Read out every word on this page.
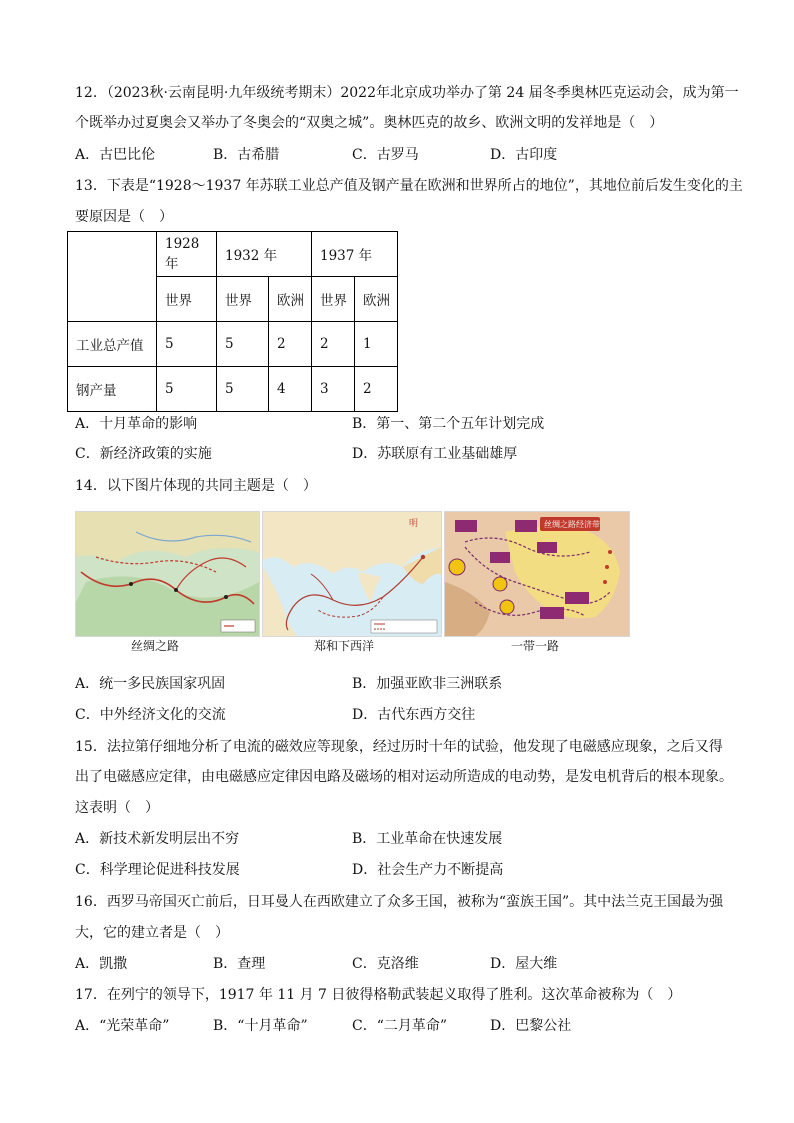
12．（2023秋·云南昆明·九年级统考期末）2022年北京成功举办了第 24 届冬季奥林匹克运动会，成为第一
个既举办过夏奥会又举办了冬奥会的“双奥之城”。奥林匹克的故乡、欧洲文明的发祥地是（　）
A．古巴比伦	B．古希腊	C．古罗马	D．古印度
13．下表是“1928～1937 年苏联工业总产值及钢产量在欧洲和世界所占的地位”，其地位前后发生变化的主
要原因是（　）
	1928 年	1932 年		1937 年	
	世界	世界	欧洲	世界	欧洲
工业总产值	5	5	2	2	1
钢产量	5	5	4	3	2
A．十月革命的影响	B．第一、第二个五年计划完成
C．新经济政策的实施	D．苏联原有工业基础雄厚
14．以下图片体现的共同主题是（　）
丝绸之路
明
郑和下西洋
丝绸之路经济带
一带一路
A．统一多民族国家巩固	B．加强亚欧非三洲联系
C．中外经济文化的交流	D．古代东西方交往
15．法拉第仔细地分析了电流的磁效应等现象，经过历时十年的试验，他发现了电磁感应现象，之后又得
出了电磁感应定律，由电磁感应定律因电路及磁场的相对运动所造成的电动势，是发电机背后的根本现象。
这表明（　）
A．新技术新发明层出不穷	B．工业革命在快速发展
C．科学理论促进科技发展	D．社会生产力不断提高
16．西罗马帝国灭亡前后，日耳曼人在西欧建立了众多王国，被称为“蛮族王国”。其中法兰克王国最为强
大，它的建立者是（　）
A．凯撒	B．查理	C．克洛维	D．屋大维
17．在列宁的领导下，1917 年 11 月 7 日彼得格勒武装起义取得了胜利。这次革命被称为（　）
A．“光荣革命”	B．“十月革命”	C．“二月革命”	D．巴黎公社
